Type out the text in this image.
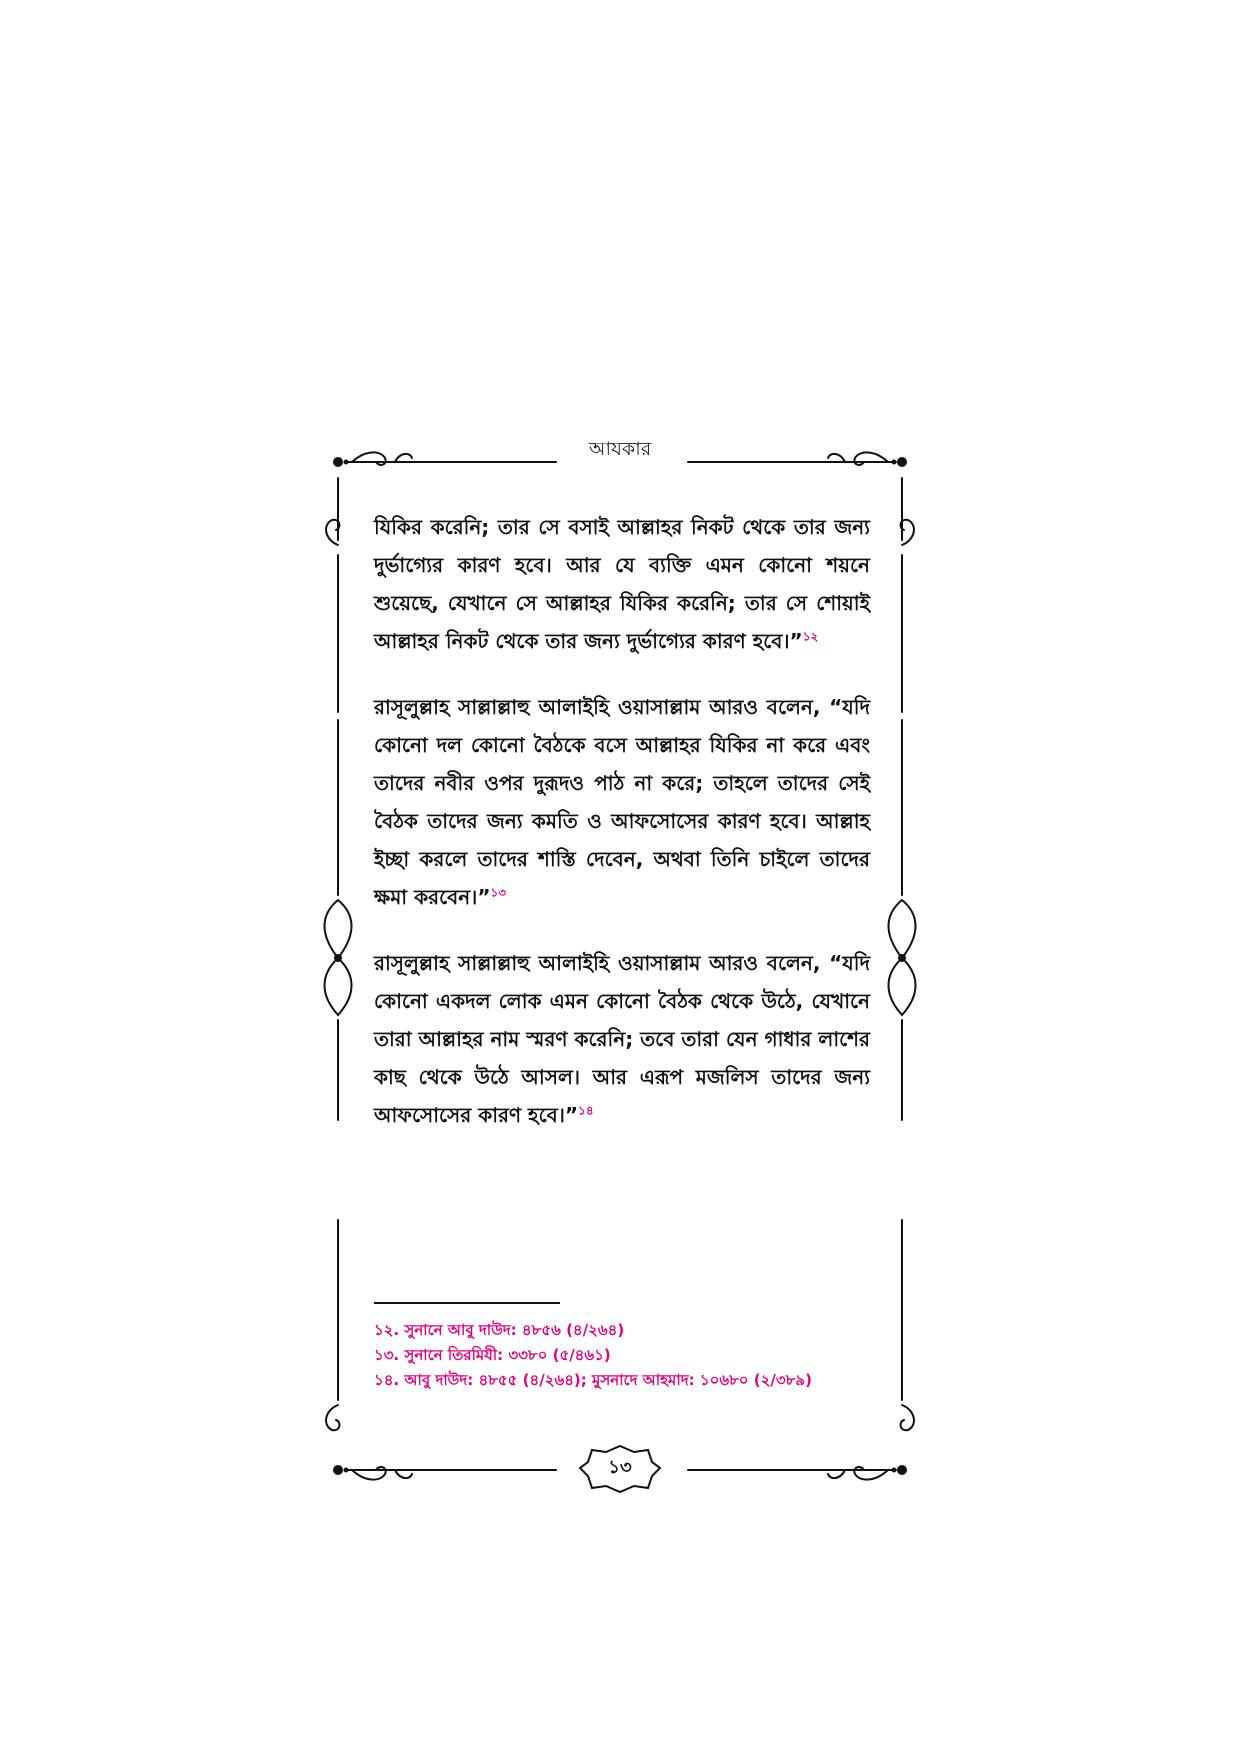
আযকার

যিকির করেনি; তার সে বসাই আল্লাহর নিকট থেকে তার জন্য দুর্ভাগ্যের কারণ হবে। আর যে ব্যক্তি এমন কোনো শয়নে শুয়েছে, যেখানে সে আল্লাহর যিকির করেনি; তার সে শোয়াই আল্লাহর নিকট থেকে তার জন্য দুর্ভাগ্যের কারণ হবে।”$^{১২}$

রাসূলুল্লাহ সাল্লাল্লাহু আলাইহি ওয়াসাল্লাম আরও বলেন, “যদি কোনো দল কোনো বৈঠকে বসে আল্লাহর যিকির না করে এবং তাদের নবীর ওপর দুরূদও পাঠ না করে; তাহলে তাদের সেই বৈঠক তাদের জন্য কমতি ও আফসোসের কারণ হবে। আল্লাহ ইচ্ছা করলে তাদের শাস্তি দেবেন, অথবা তিনি চাইলে তাদের ক্ষমা করবেন।”$^{১৩}$

রাসূলুল্লাহ সাল্লাল্লাহু আলাইহি ওয়াসাল্লাম আরও বলেন, “যদি কোনো একদল লোক এমন কোনো বৈঠক থেকে উঠে, যেখানে তারা আল্লাহর নাম স্মরণ করেনি; তবে তারা যেন গাধার লাশের কাছ থেকে উঠে আসল। আর এরূপ মজলিস তাদের জন্য আফসোসের কারণ হবে।”$^{১৪}$

১২. সুনানে আবু দাউদ: ৪৮৫৬ (৪/২৬৪)
১৩. সুনানে তিরমিযী: ৩৩৮০ (৫/৪৬১)
১৪. আবু দাউদ: ৪৮৫৫ (৪/২৬৪); মুসনাদে আহমাদ: ১০৬৮০ (২/৩৮৯)
১৩
